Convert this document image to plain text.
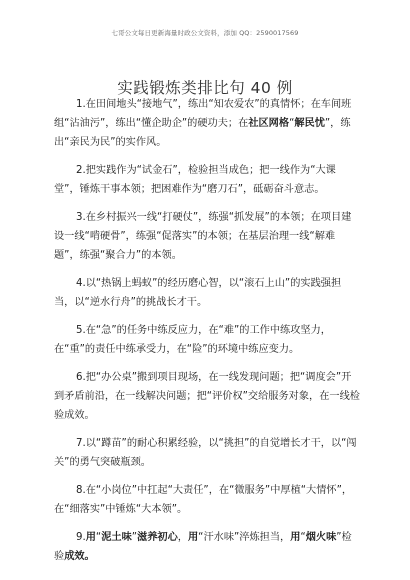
七哥公文每日更新海量时政公文资料，添加 QQ：2590017569
实践锻炼类排比句 40 例

1.在田间地头“接地气”，练出“知农爱农”的真情怀；在车间班组“沾油污”，练出“懂企助企”的硬功夫；在社区网格“解民忧”，练出“亲民为民”的实作风。

2.把实践作为“试金石”，检验担当成色；把一线作为“大课堂”，锤炼干事本领；把困难作为“磨刀石”，砥砺奋斗意志。

3.在乡村振兴一线“打硬仗”，练强“抓发展”的本领；在项目建设一线“啃硬骨”，练强“促落实”的本领；在基层治理一线“解难题”，练强“聚合力”的本领。

4.以“热锅上蚂蚁”的经历磨心智，以“滚石上山”的实践强担当，以“逆水行舟”的挑战长才干。

5.在“急”的任务中练反应力，在“难”的工作中练攻坚力，在“重”的责任中练承受力，在“险”的环境中练应变力。

6.把“办公桌”搬到项目现场，在一线发现问题；把“调度会”开到矛盾前沿，在一线解决问题；把“评价权”交给服务对象，在一线检验成效。

7.以“蹲苗”的耐心积累经验，以“挑担”的自觉增长才干，以“闯关”的勇气突破瓶颈。

8.在“小岗位”中扛起“大责任”，在“微服务”中厚植“大情怀”，在“细落实”中锤炼“大本领”。

9.用“泥土味”滋养初心，用“汗水味”淬炼担当，用“烟火味”检验成效。
